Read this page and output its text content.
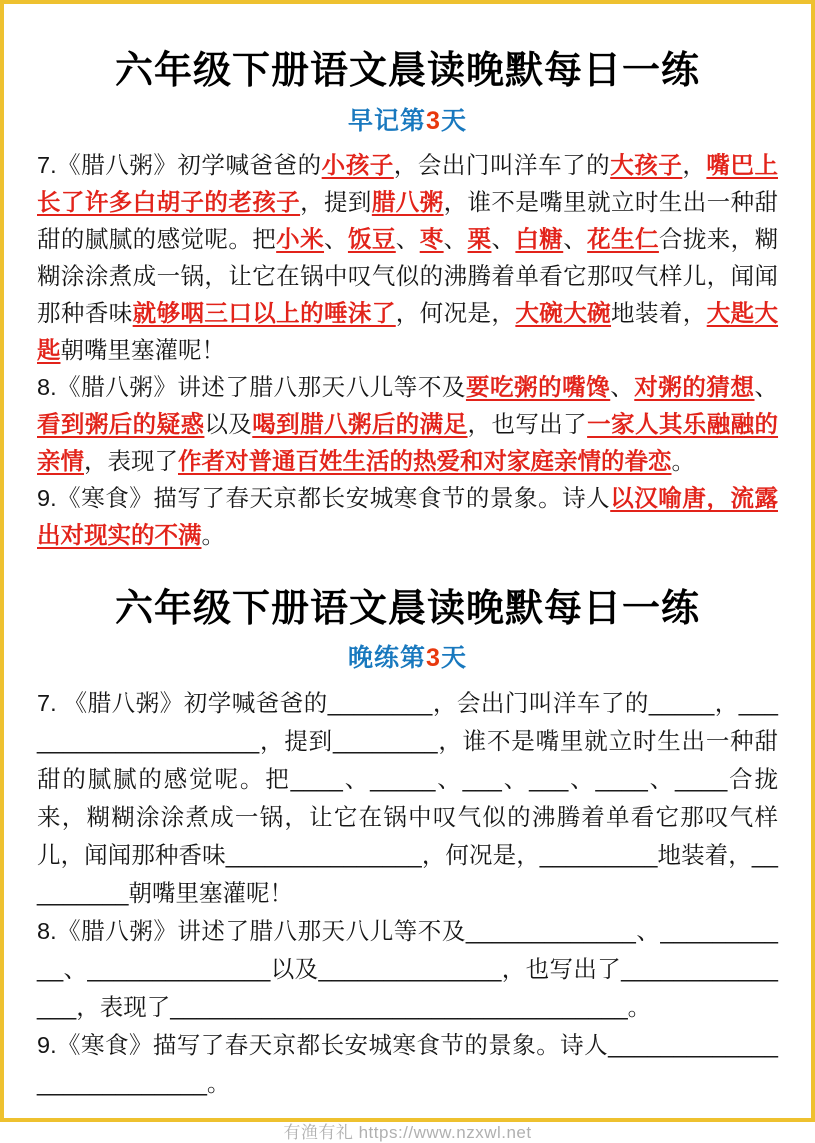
六年级下册语文晨读晚默每日一练
早记第3天

7.《腊八粥》初学喊爸爸的小孩子，会出门叫洋车了的大孩子，嘴巴上长了许多白胡子的老孩子，提到腊八粥，谁不是嘴里就立时生出一种甜甜的腻腻的感觉呢。把小米、饭豆、枣、栗、白糖、花生仁合拢来，糊糊涂涂煮成一锅，让它在锅中叹气似的沸腾着单看它那叹气样儿，闻闻那种香味就够咽三口以上的唾沫了，何况是，大碗大碗地装着，大匙大匙朝嘴里塞灌呢！

8.《腊八粥》讲述了腊八那天八儿等不及要吃粥的嘴馋、对粥的猜想、看到粥后的疑惑以及喝到腊八粥后的满足，也写出了一家人其乐融融的亲情，表现了作者对普通百姓生活的热爱和对家庭亲情的眷恋。

9.《寒食》描写了春天京都长安城寒食节的景象。诗人以汉喻唐，流露出对现实的不满。

六年级下册语文晨读晚默每日一练
晚练第3天

7. 《腊八粥》初学喊爸爸的________，会出门叫洋车了的_____，____________________，提到________，谁不是嘴里就立时生出一种甜甜的腻腻的感觉呢。把____、_____、___、___、____、____合拢来，糊糊涂涂煮成一锅，让它在锅中叹气似的沸腾着单看它那叹气样儿，闻闻那种香味_______________，何况是，_________地装着，_________朝嘴里塞灌呢！

8.《腊八粥》讲述了腊八那天八儿等不及_____________、___________、______________以及______________，也写出了_______________，表现了___________________________________。

9.《寒食》描写了春天京都长安城寒食节的景象。诗人__________________________。

有渔有礼 https://www.nzxwl.net
